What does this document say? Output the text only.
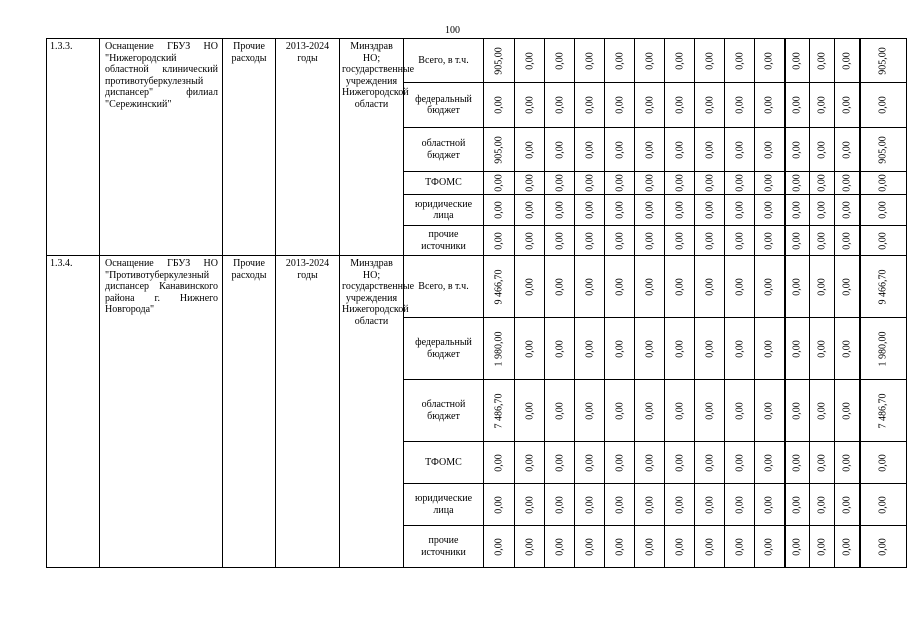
100
1.3.3.	Оснащение ГБУЗ НО "Нижегородский областной клинический противотуберкулезный диспансер" филиал "Сережинский"	Прочие расходы	2013-2024 годы	Минздрав НО; государственные учреждения Нижегородской области	Всего, в т.ч.	905,00	0,00	0,00	0,00	0,00	0,00	0,00	0,00	0,00	0,00	0,00	0,00	0,00	905,00

					федеральный бюджет	0,00	0,00	0,00	0,00	0,00	0,00	0,00	0,00	0,00	0,00	0,00	0,00	0,00	0,00

					областной бюджет	905,00	0,00	0,00	0,00	0,00	0,00	0,00	0,00	0,00	0,00	0,00	0,00	0,00	905,00

					ТФОМС	0,00	0,00	0,00	0,00	0,00	0,00	0,00	0,00	0,00	0,00	0,00	0,00	0,00	0,00

					юридические лица	0,00	0,00	0,00	0,00	0,00	0,00	0,00	0,00	0,00	0,00	0,00	0,00	0,00	0,00

					прочие источники	0,00	0,00	0,00	0,00	0,00	0,00	0,00	0,00	0,00	0,00	0,00	0,00	0,00	0,00

1.3.4.	Оснащение ГБУЗ НО "Противотуберкулезный диспансер Канавинского района г. Нижнего Новгорода"	Прочие расходы	2013-2024 годы	Минздрав НО; государственные учреждения Нижегородской области	Всего, в т.ч.	9 466,70	0,00	0,00	0,00	0,00	0,00	0,00	0,00	0,00	0,00	0,00	0,00	0,00	9 466,70

					федеральный бюджет	1 980,00	0,00	0,00	0,00	0,00	0,00	0,00	0,00	0,00	0,00	0,00	0,00	0,00	1 980,00

					областной бюджет	7 486,70	0,00	0,00	0,00	0,00	0,00	0,00	0,00	0,00	0,00	0,00	0,00	0,00	7 486,70

					ТФОМС	0,00	0,00	0,00	0,00	0,00	0,00	0,00	0,00	0,00	0,00	0,00	0,00	0,00	0,00

					юридические лица	0,00	0,00	0,00	0,00	0,00	0,00	0,00	0,00	0,00	0,00	0,00	0,00	0,00	0,00

					прочие источники	0,00	0,00	0,00	0,00	0,00	0,00	0,00	0,00	0,00	0,00	0,00	0,00	0,00	0,00
